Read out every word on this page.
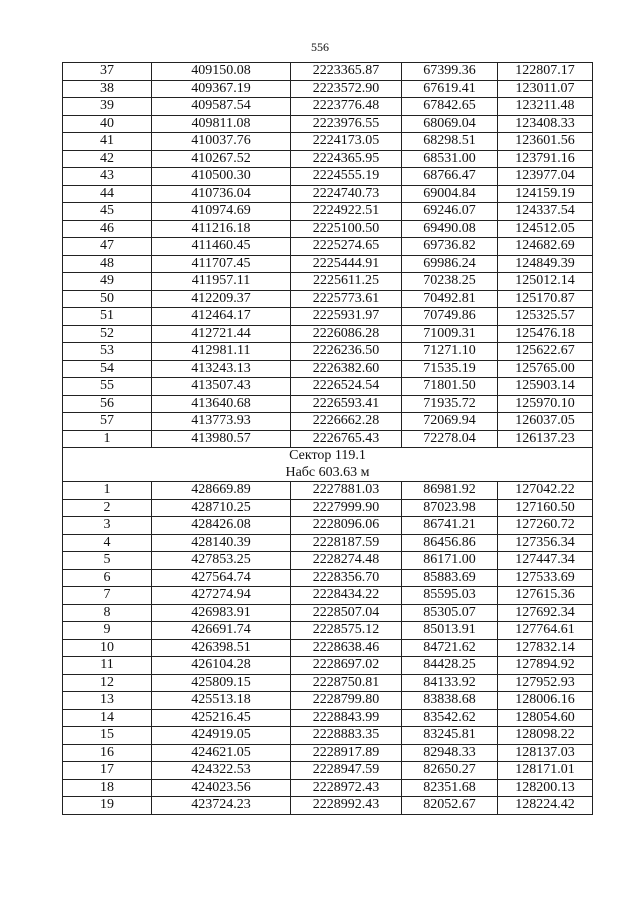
556
37	409150.08	2223365.87	67399.36	122807.17
38	409367.19	2223572.90	67619.41	123011.07
39	409587.54	2223776.48	67842.65	123211.48
40	409811.08	2223976.55	68069.04	123408.33
41	410037.76	2224173.05	68298.51	123601.56
42	410267.52	2224365.95	68531.00	123791.16
43	410500.30	2224555.19	68766.47	123977.04
44	410736.04	2224740.73	69004.84	124159.19
45	410974.69	2224922.51	69246.07	124337.54
46	411216.18	2225100.50	69490.08	124512.05
47	411460.45	2225274.65	69736.82	124682.69
48	411707.45	2225444.91	69986.24	124849.39
49	411957.11	2225611.25	70238.25	125012.14
50	412209.37	2225773.61	70492.81	125170.87
51	412464.17	2225931.97	70749.86	125325.57
52	412721.44	2226086.28	71009.31	125476.18
53	412981.11	2226236.50	71271.10	125622.67
54	413243.13	2226382.60	71535.19	125765.00
55	413507.43	2226524.54	71801.50	125903.14
56	413640.68	2226593.41	71935.72	125970.10
57	413773.93	2226662.28	72069.94	126037.05
1	413980.57	2226765.43	72278.04	126137.23

Сектор 119.1
Набс 603.63 м				

1	428669.89	2227881.03	86981.92	127042.22
2	428710.25	2227999.90	87023.98	127160.50
3	428426.08	2228096.06	86741.21	127260.72
4	428140.39	2228187.59	86456.86	127356.34
5	427853.25	2228274.48	86171.00	127447.34
6	427564.74	2228356.70	85883.69	127533.69
7	427274.94	2228434.22	85595.03	127615.36
8	426983.91	2228507.04	85305.07	127692.34
9	426691.74	2228575.12	85013.91	127764.61
10	426398.51	2228638.46	84721.62	127832.14
11	426104.28	2228697.02	84428.25	127894.92
12	425809.15	2228750.81	84133.92	127952.93
13	425513.18	2228799.80	83838.68	128006.16
14	425216.45	2228843.99	83542.62	128054.60
15	424919.05	2228883.35	83245.81	128098.22
16	424621.05	2228917.89	82948.33	128137.03
17	424322.53	2228947.59	82650.27	128171.01
18	424023.56	2228972.43	82351.68	128200.13
19	423724.23	2228992.43	82052.67	128224.42
